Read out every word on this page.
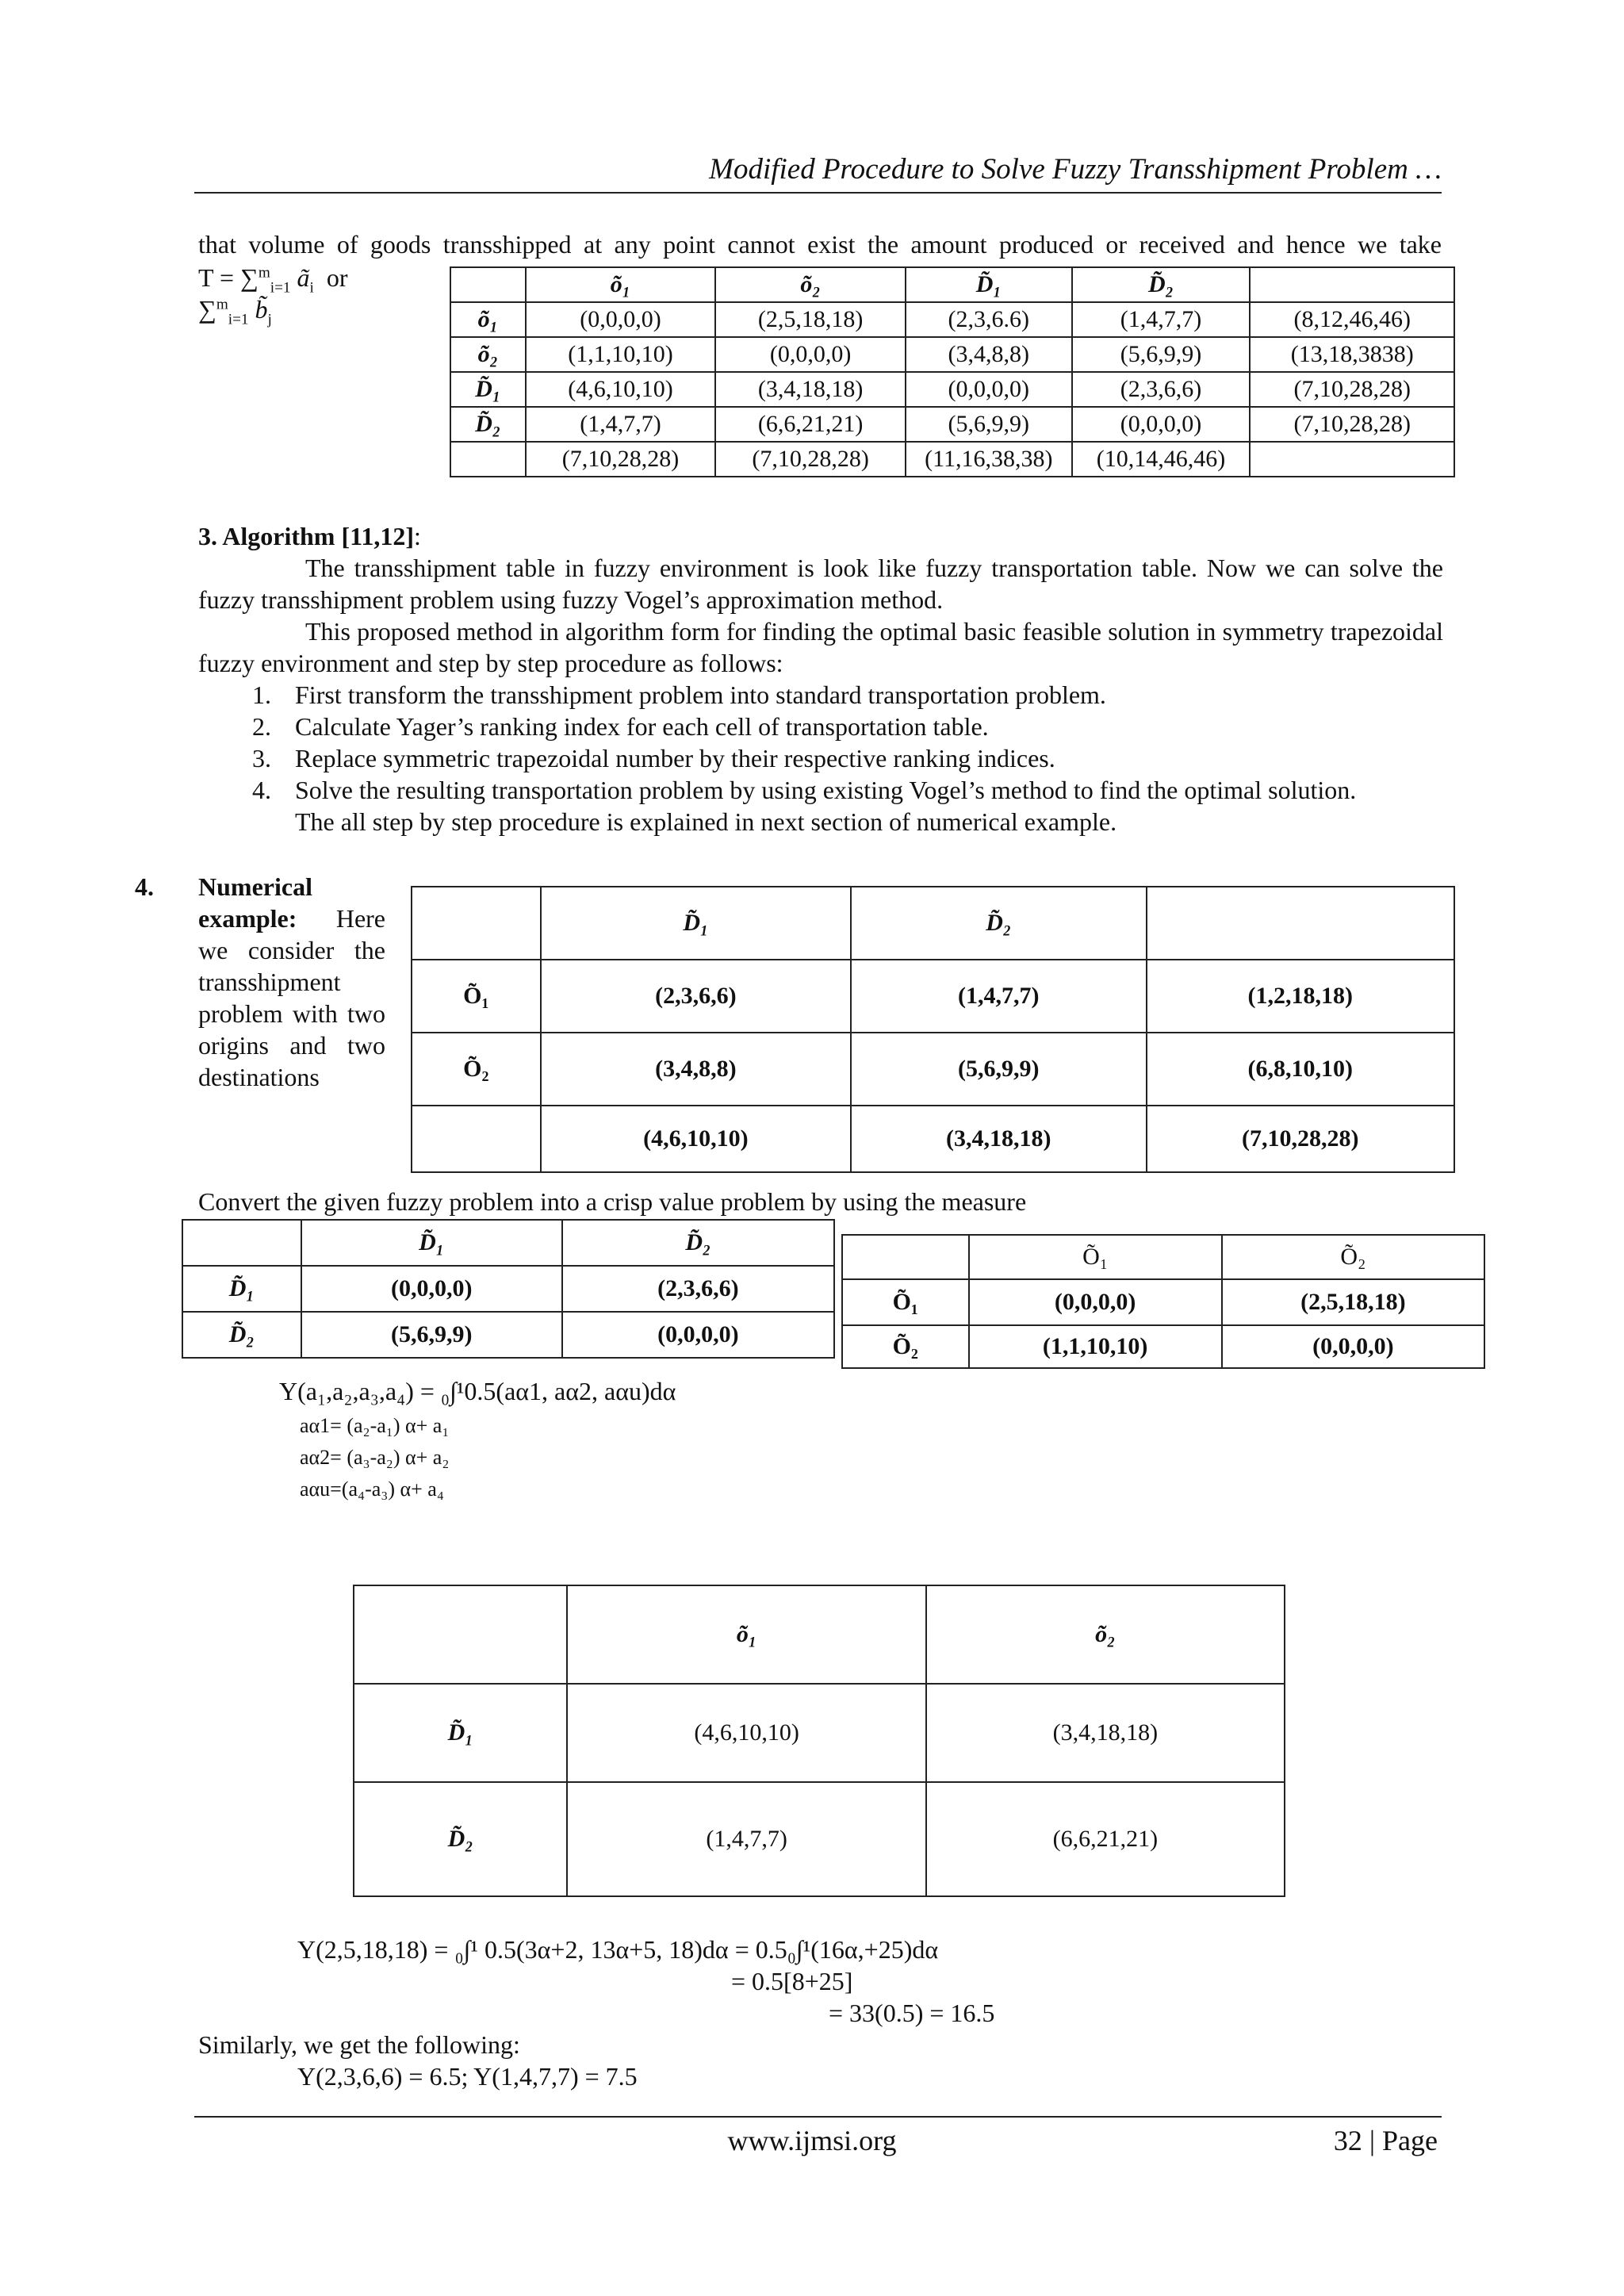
Modified Procedure to Solve Fuzzy Transshipment Problem …
that volume of goods transshipped at any point cannot exist the amount produced or received and hence we take
T = ∑$^m_{i=1}$ $ã_i$ or
∑$^m_{i=1}$ $b̃_j$
	õ₁	õ₂	D̃₁	D̃₂	
õ₁	(0,0,0,0)	(2,5,18,18)	(2,3,6.6)	(1,4,7,7)	(8,12,46,46)
õ₂	(1,1,10,10)	(0,0,0,0)	(3,4,8,8)	(5,6,9,9)	(13,18,3838)
D̃₁	(4,6,10,10)	(3,4,18,18)	(0,0,0,0)	(2,3,6,6)	(7,10,28,28)
D̃₂	(1,4,7,7)	(6,6,21,21)	(5,6,9,9)	(0,0,0,0)	(7,10,28,28)
	(7,10,28,28)	(7,10,28,28)	(11,16,38,38)	(10,14,46,46)	
3. Algorithm [11,12]:
The transshipment table in fuzzy environment is look like fuzzy transportation table. Now we can solve the fuzzy transshipment problem using fuzzy Vogel’s approximation method.
This proposed method in algorithm form for finding the optimal basic feasible solution in symmetry trapezoidal fuzzy environment and step by step procedure as follows:
1. First transform the transshipment problem into standard transportation problem.
2. Calculate Yager’s ranking index for each cell of transportation table.
3. Replace symmetric trapezoidal number by their respective ranking indices.
4. Solve the resulting transportation problem by using existing Vogel’s method to find the optimal solution.
The all step by step procedure is explained in next section of numerical example.
4.	Numerical example: Here we consider the transshipment problem with two origins and two destinations
	D̃₁	D̃₂	
Õ₁	(2,3,6,6)	(1,4,7,7)	(1,2,18,18)
Õ₂	(3,4,8,8)	(5,6,9,9)	(6,8,10,10)
	(4,6,10,10)	(3,4,18,18)	(7,10,28,28)
Convert the given fuzzy problem into a crisp value problem by using the measure
	D̃₁	D̃₂
D̃₁	(0,0,0,0)	(2,3,6,6)
D̃₂	(5,6,9,9)	(0,0,0,0)
	Õ₁	Õ₂
Õ₁	(0,0,0,0)	(2,5,18,18)
Õ₂	(1,1,10,10)	(0,0,0,0)
Y(a₁,a₂,a₃,a₄) = ₀∫¹0.5(aα1, aα2, aαu)dα
aα1= (a₂-a₁) α+ a₁
aα2= (a₃-a₂) α+ a₂
aαu=(a₄-a₃) α+ a₄
	õ₁	õ₂
D̃₁	(4,6,10,10)	(3,4,18,18)
D̃₂	(1,4,7,7)	(6,6,21,21)
Y(2,5,18,18) = ₀∫¹ 0.5(3α+2, 13α+5, 18)dα = 0.5₀∫¹(16α,+25)dα
= 0.5[8+25]
= 33(0.5) = 16.5
Similarly, we get the following:
Y(2,3,6,6) = 6.5; Y(1,4,7,7) = 7.5
www.ijmsi.org	32 | Page
